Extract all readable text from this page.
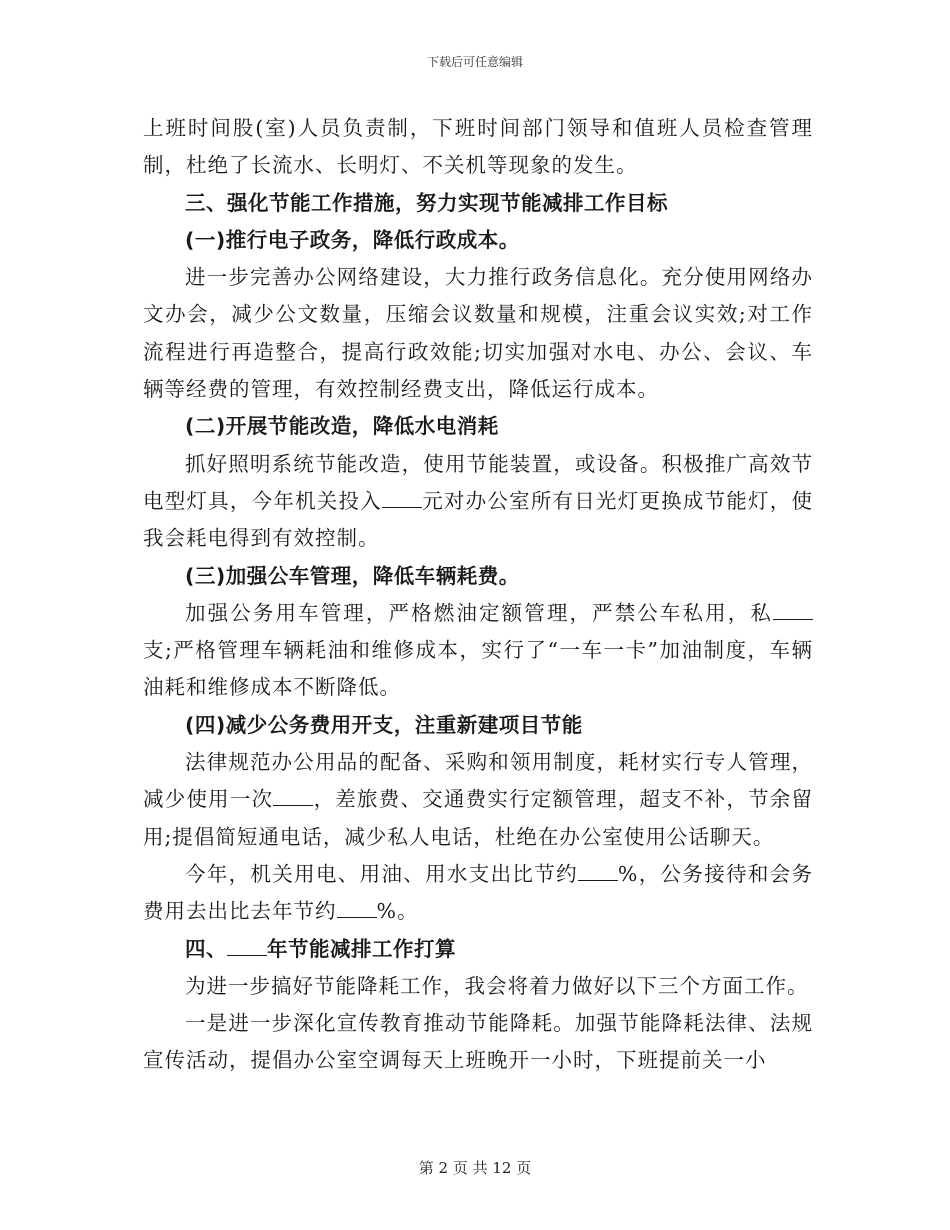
下载后可任意编辑

上班时间股(室)人员负责制，下班时间部门领导和值班人员检查管理制，杜绝了长流水、长明灯、不关机等现象的发生。

三、强化节能工作措施，努力实现节能减排工作目标

(一)推行电子政务，降低行政成本。

进一步完善办公网络建设，大力推行政务信息化。充分使用网络办文办会，减少公文数量，压缩会议数量和规模，注重会议实效;对工作流程进行再造整合，提高行政效能;切实加强对水电、办公、会议、车辆等经费的管理，有效控制经费支出，降低运行成本。

(二)开展节能改造，降低水电消耗

抓好照明系统节能改造，使用节能装置，或设备。积极推广高效节电型灯具，今年机关投入 元对办公室所有日光灯更换成节能灯，使我会耗电得到有效控制。

(三)加强公车管理，降低车辆耗费。

加强公务用车管理，严格燃油定额管理，严禁公车私用，私支;严格管理车辆耗油和维修成本，实行了“一车一卡”加油制度，车辆油耗和维修成本不断降低。

(四)减少公务费用开支，注重新建项目节能

法律规范办公用品的配备、采购和领用制度，耗材实行专人管理，减少使用一次 ，差旅费、交通费实行定额管理，超支不补，节余留用;提倡简短通电话，减少私人电话，杜绝在办公室使用公话聊天。

今年，机关用电、用油、用水支出比节约 %，公务接待和会务费用去出比去年节约 %。

四、 年节能减排工作打算

为进一步搞好节能降耗工作，我会将着力做好以下三个方面工作。

一是进一步深化宣传教育推动节能降耗。加强节能降耗法律、法规宣传活动，提倡办公室空调每天上班晚开一小时，下班提前关一小

第 2 页 共 12 页
